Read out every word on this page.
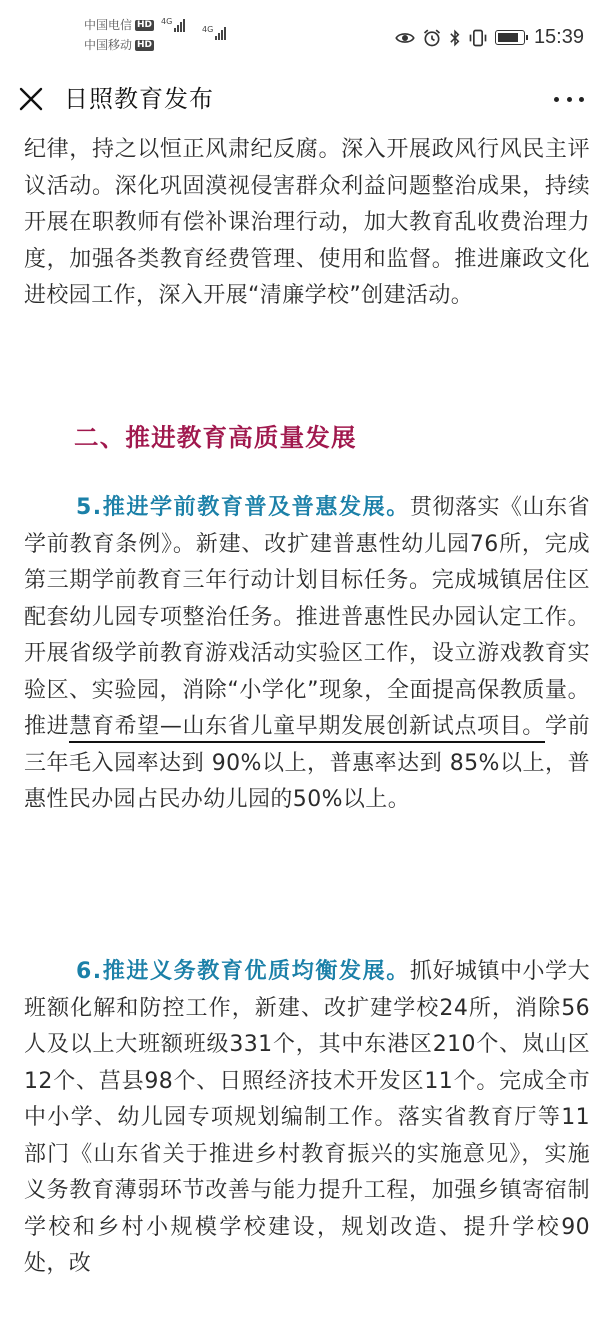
中国电信 HD 4G
中国移动 HD
4G	15:39
日照教育发布

纪律，持之以恒正风肃纪反腐。深入开展政风行风民主评议活动。深化巩固漠视侵害群众利益问题整治成果，持续开展在职教师有偿补课治理行动，加大教育乱收费治理力度，加强各类教育经费管理、使用和监督。推进廉政文化进校园工作，深入开展“清廉学校”创建活动。

二、推进教育高质量发展

5.推进学前教育普及普惠发展。贯彻落实《山东省学前教育条例》。新建、改扩建普惠性幼儿园76所，完成第三期学前教育三年行动计划目标任务。完成城镇居住区配套幼儿园专项整治任务。推进普惠性民办园认定工作。开展省级学前教育游戏活动实验区工作，设立游戏教育实验区、实验园，消除“小学化”现象，全面提高保教质量。推进慧育希望—山东省儿童早期发展创新试点项目。学前三年毛入园率达到 90%以上，普惠率达到 85%以上，普惠性民办园占民办幼儿园的50%以上。

6.推进义务教育优质均衡发展。抓好城镇中小学大班额化解和防控工作，新建、改扩建学校24所，消除56人及以上大班额班级331个，其中东港区210个、岚山区12个、莒县98个、日照经济技术开发区11个。完成全市中小学、幼儿园专项规划编制工作。落实省教育厅等11部门《山东省关于推进乡村教育振兴的实施意见》，实施义务教育薄弱环节改善与能力提升工程，加强乡镇寄宿制学校和乡村小规模学校建设，规划改造、提升学校90处，改
